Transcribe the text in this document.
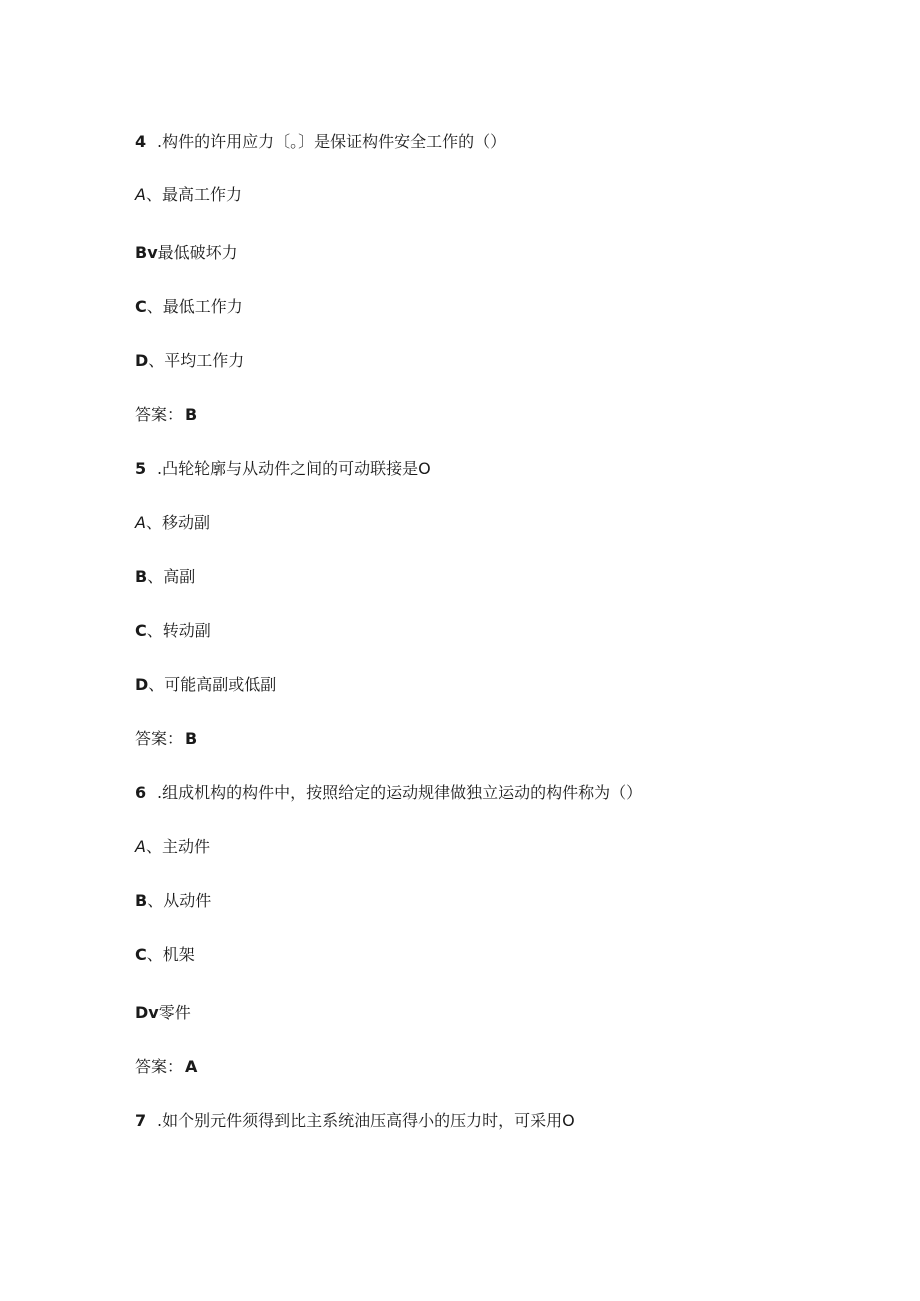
4 .构件的许用应力〔。〕是保证构件安全工作的（）
A、最高工作力
Bv最低破坏力
C、最低工作力
D、平均工作力
答案： B
5 .凸轮轮廓与从动件之间的可动联接是O
A、移动副
B、高副
C、转动副
D、可能高副或低副
答案： B
6 .组成机构的构件中，按照给定的运动规律做独立运动的构件称为（）
A、主动件
B、从动件
C、机架
Dv零件
答案： A
7 .如个别元件须得到比主系统油压高得小的压力时，可采用O
